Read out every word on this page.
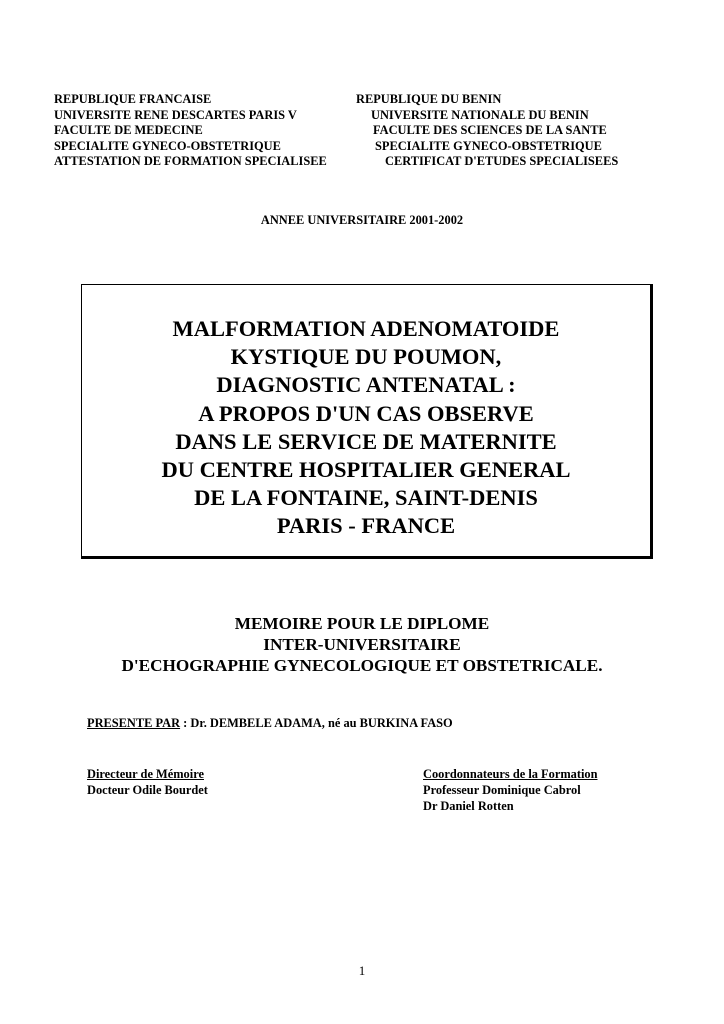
REPUBLIQUE FRANCAISE
UNIVERSITE RENE DESCARTES PARIS V
FACULTE DE MEDECINE
SPECIALITE GYNECO-OBSTETRIQUE
ATTESTATION DE FORMATION SPECIALISEE
REPUBLIQUE DU BENIN
UNIVERSITE NATIONALE DU BENIN
FACULTE DES SCIENCES DE LA SANTE
SPECIALITE GYNECO-OBSTETRIQUE
CERTIFICAT D'ETUDES SPECIALISEES
ANNEE UNIVERSITAIRE 2001-2002
MALFORMATION ADENOMATOIDE
KYSTIQUE DU POUMON,
DIAGNOSTIC ANTENATAL :
A PROPOS D'UN CAS OBSERVE
DANS LE SERVICE DE MATERNITE
DU CENTRE HOSPITALIER GENERAL
DE LA FONTAINE, SAINT-DENIS
PARIS - FRANCE
MEMOIRE POUR LE DIPLOME
INTER-UNIVERSITAIRE
D'ECHOGRAPHIE GYNECOLOGIQUE ET OBSTETRICALE.
PRESENTE PAR : Dr. DEMBELE ADAMA, né au BURKINA FASO
Directeur de Mémoire
Docteur Odile Bourdet
Coordonnateurs de la Formation
Professeur Dominique Cabrol
Dr Daniel Rotten
1
